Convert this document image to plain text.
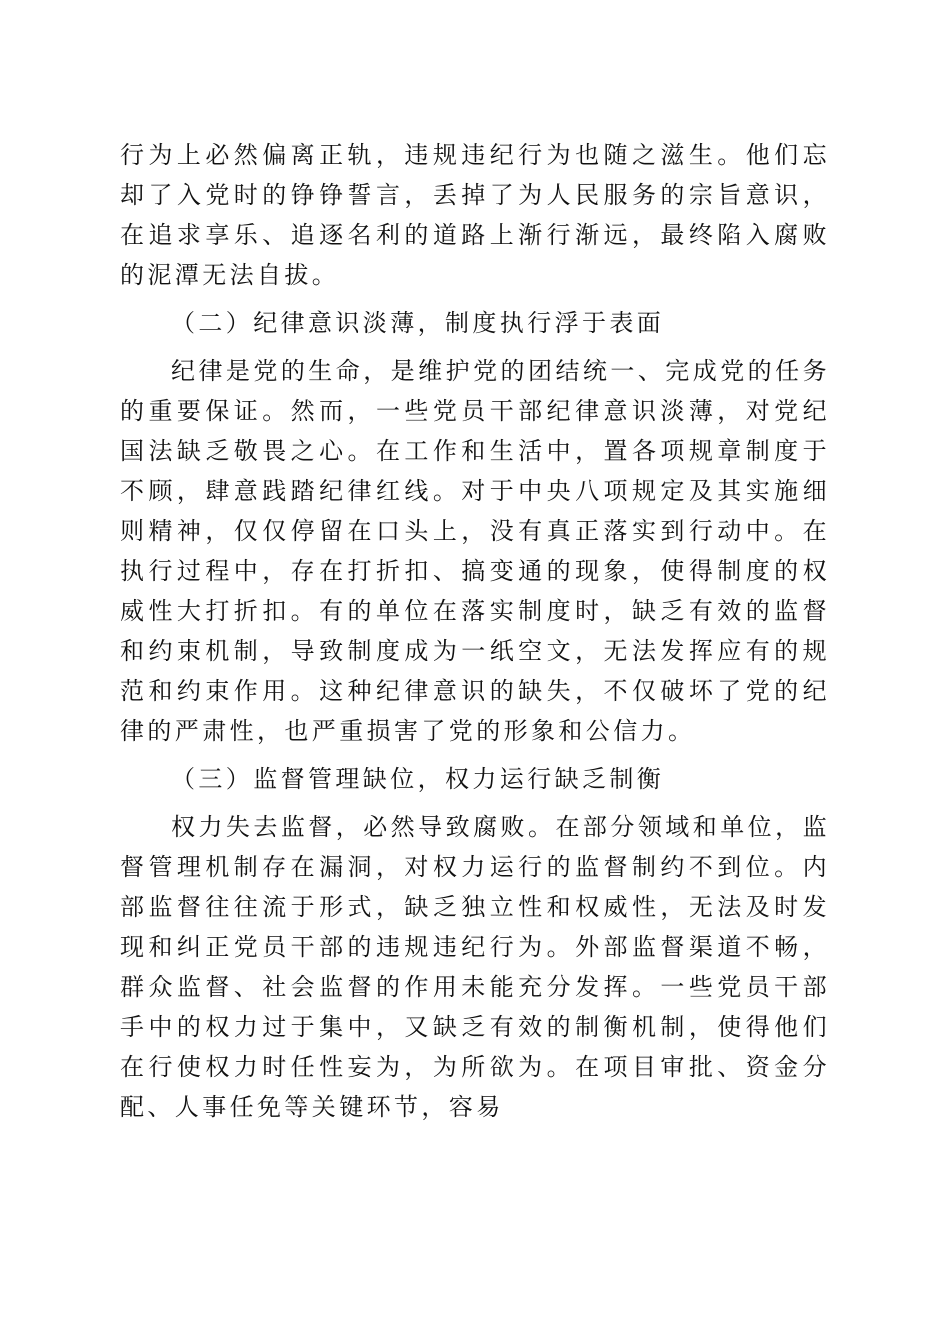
行为上必然偏离正轨，违规违纪行为也随之滋生。他们忘却了入党时的铮铮誓言，丢掉了为人民服务的宗旨意识，在追求享乐、追逐名利的道路上渐行渐远，最终陷入腐败的泥潭无法自拔。

（二）纪律意识淡薄，制度执行浮于表面

纪律是党的生命，是维护党的团结统一、完成党的任务的重要保证。然而，一些党员干部纪律意识淡薄，对党纪国法缺乏敬畏之心。在工作和生活中，置各项规章制度于不顾，肆意践踏纪律红线。对于中央八项规定及其实施细则精神，仅仅停留在口头上，没有真正落实到行动中。在执行过程中，存在打折扣、搞变通的现象，使得制度的权威性大打折扣。有的单位在落实制度时，缺乏有效的监督和约束机制，导致制度成为一纸空文，无法发挥应有的规范和约束作用。这种纪律意识的缺失，不仅破坏了党的纪律的严肃性，也严重损害了党的形象和公信力。

（三）监督管理缺位，权力运行缺乏制衡

权力失去监督，必然导致腐败。在部分领域和单位，监督管理机制存在漏洞，对权力运行的监督制约不到位。内部监督往往流于形式，缺乏独立性和权威性，无法及时发现和纠正党员干部的违规违纪行为。外部监督渠道不畅，群众监督、社会监督的作用未能充分发挥。一些党员干部手中的权力过于集中，又缺乏有效的制衡机制，使得他们在行使权力时任性妄为，为所欲为。在项目审批、资金分配、人事任免等关键环节，容易
